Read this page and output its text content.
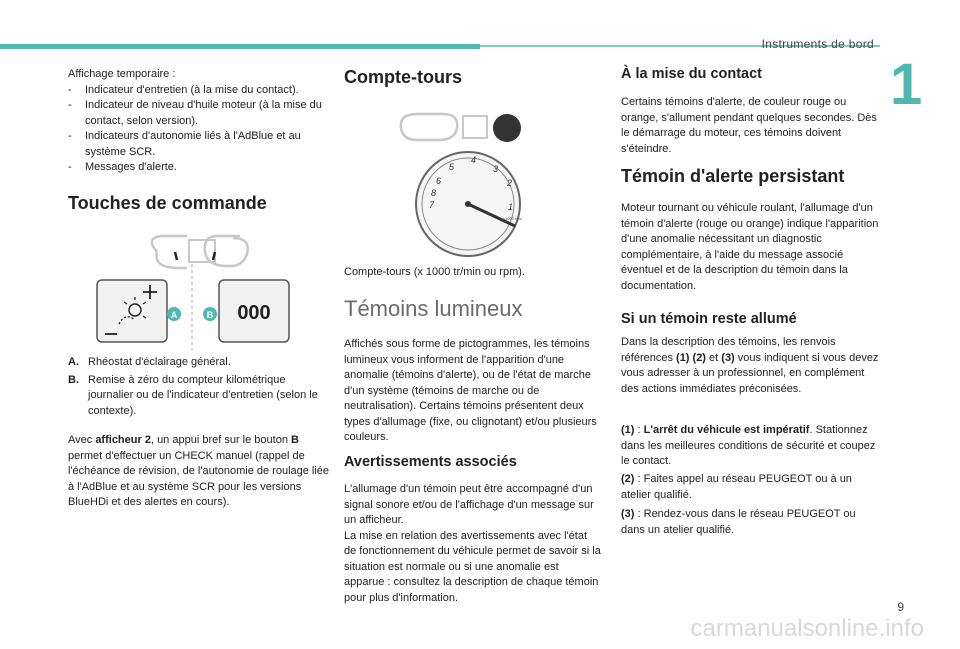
Instruments de bord
1
Affichage temporaire :
- Indicateur d'entretien (à la mise du contact).
- Indicateur de niveau d'huile moteur (à la mise du contact, selon version).
- Indicateurs d'autonomie liés à l'AdBlue et au système SCR.
- Messages d'alerte.
Touches de commande
A	B 000
A. Rhéostat d'éclairage général.
B. Remise à zéro du compteur kilométrique journalier ou de l'indicateur d'entretien (selon le contexte).
Avec afficheur 2, un appui bref sur le bouton B permet d'effectuer un CHECK manuel (rappel de l'échéance de révision, de l'autonomie de roulage liée à l'AdBlue et au système SCR pour les versions BlueHDi et des alertes en cours).
Compte-tours
1
2
3
4
5
6
7
8
x1000 rpm
Compte-tours (x 1000 tr/min ou rpm).
Témoins lumineux
Affichés sous forme de pictogrammes, les témoins lumineux vous informent de l'apparition d'une anomalie (témoins d'alerte), ou de l'état de marche d'un système (témoins de marche ou de neutralisation). Certains témoins présentent deux types d'allumage (fixe, ou clignotant) et/ou plusieurs couleurs.
Avertissements associés
L'allumage d'un témoin peut être accompagné d'un signal sonore et/ou de l'affichage d'un message sur un afficheur.
La mise en relation des avertissements avec l'état de fonctionnement du véhicule permet de savoir si la situation est normale ou si une anomalie est apparue : consultez la description de chaque témoin pour plus d'information.
À la mise du contact
Certains témoins d'alerte, de couleur rouge ou orange, s'allument pendant quelques secondes. Dès le démarrage du moteur, ces témoins doivent s'éteindre.
Témoin d'alerte persistant
Moteur tournant ou véhicule roulant, l'allumage d'un témoin d'alerte (rouge ou orange) indique l'apparition d'une anomalie nécessitant un diagnostic complémentaire, à l'aide du message associé éventuel et de la description du témoin dans la documentation.
Si un témoin reste allumé
Dans la description des témoins, les renvois références (1) (2) et (3) vous indiquent si vous devez vous adresser à un professionnel, en complément des actions immédiates préconisées.
(1) : L'arrêt du véhicule est impératif. Stationnez dans les meilleures conditions de sécurité et coupez le contact.
(2) : Faites appel au réseau PEUGEOT ou à un atelier qualifié.
(3) : Rendez-vous dans le réseau PEUGEOT ou dans un atelier qualifié.
9
carmanualsonline.info
